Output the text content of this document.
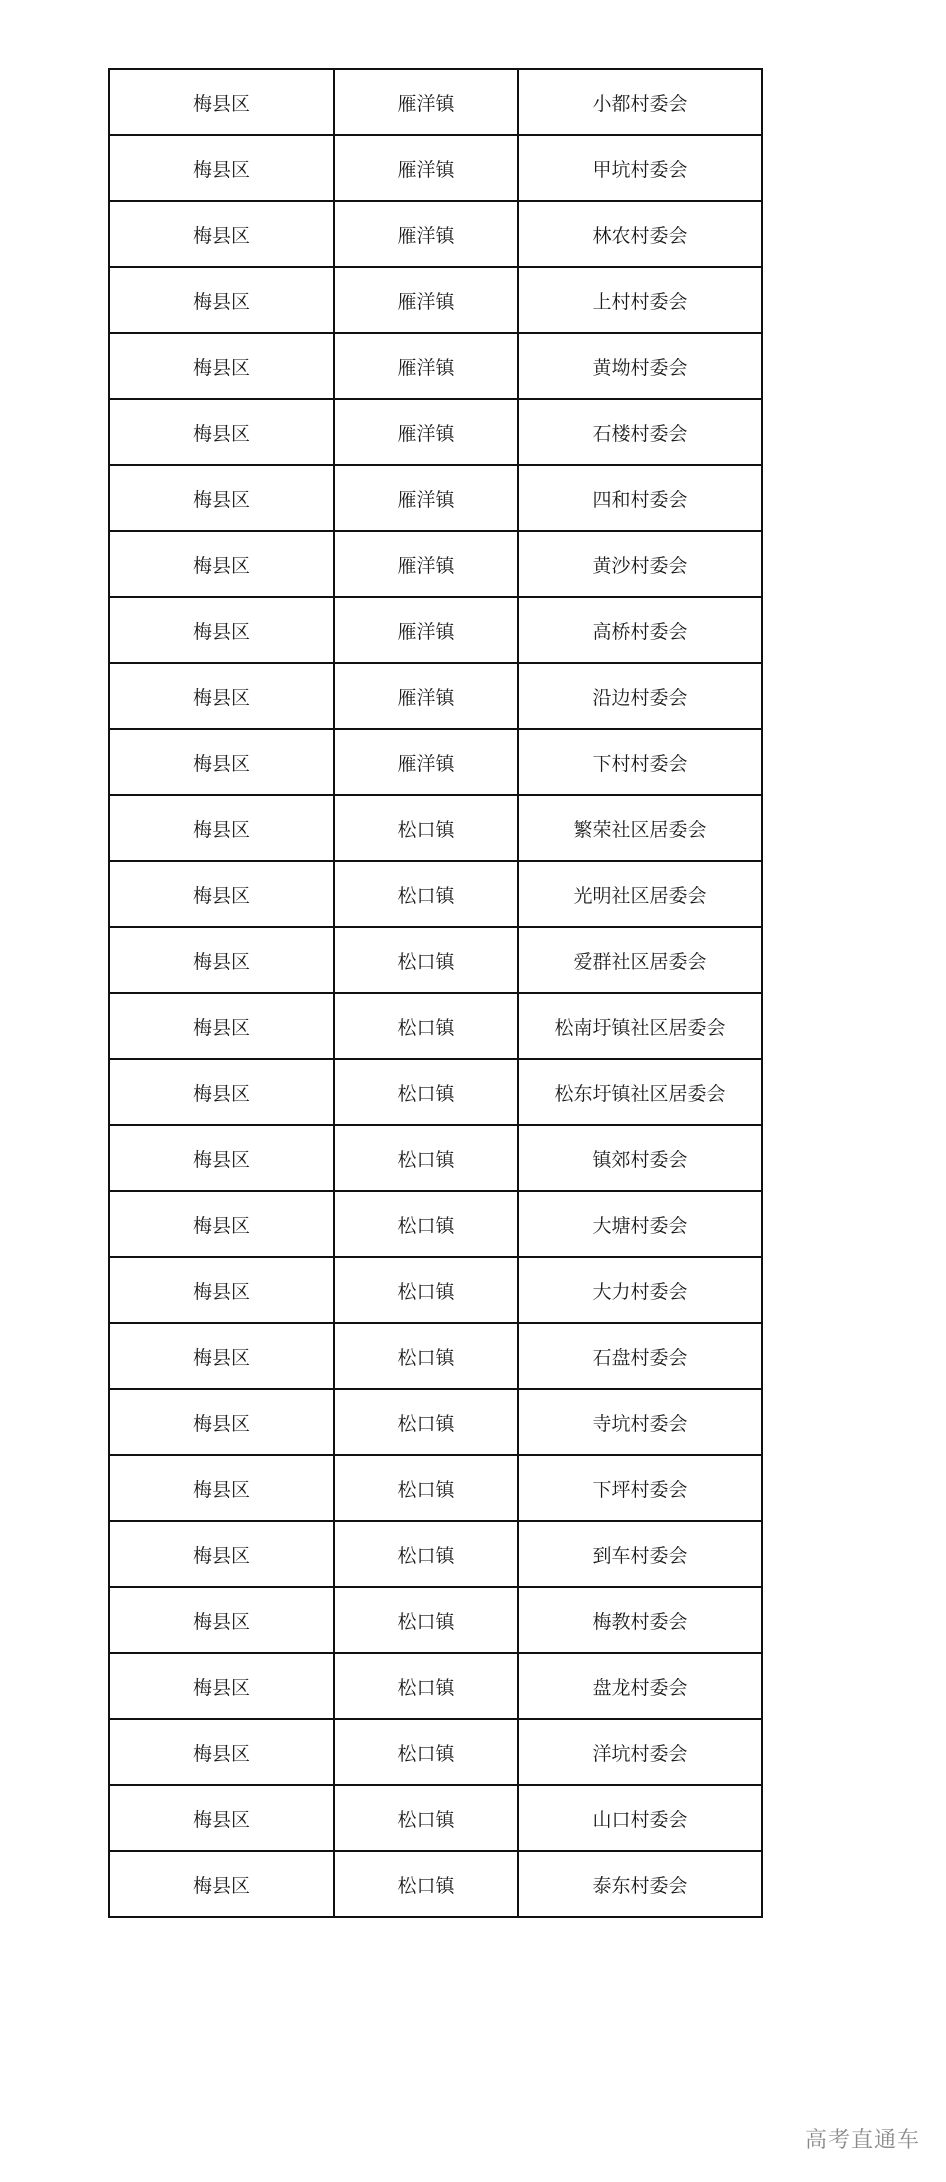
梅县区	雁洋镇	小都村委会
梅县区	雁洋镇	甲坑村委会
梅县区	雁洋镇	林农村委会
梅县区	雁洋镇	上村村委会
梅县区	雁洋镇	黄坳村委会
梅县区	雁洋镇	石楼村委会
梅县区	雁洋镇	四和村委会
梅县区	雁洋镇	黄沙村委会
梅县区	雁洋镇	高桥村委会
梅县区	雁洋镇	沿边村委会
梅县区	雁洋镇	下村村委会
梅县区	松口镇	繁荣社区居委会
梅县区	松口镇	光明社区居委会
梅县区	松口镇	爱群社区居委会
梅县区	松口镇	松南圩镇社区居委会
梅县区	松口镇	松东圩镇社区居委会
梅县区	松口镇	镇郊村委会
梅县区	松口镇	大塘村委会
梅县区	松口镇	大力村委会
梅县区	松口镇	石盘村委会
梅县区	松口镇	寺坑村委会
梅县区	松口镇	下坪村委会
梅县区	松口镇	到车村委会
梅县区	松口镇	梅教村委会
梅县区	松口镇	盘龙村委会
梅县区	松口镇	洋坑村委会
梅县区	松口镇	山口村委会
梅县区	松口镇	泰东村委会
高考直通车
